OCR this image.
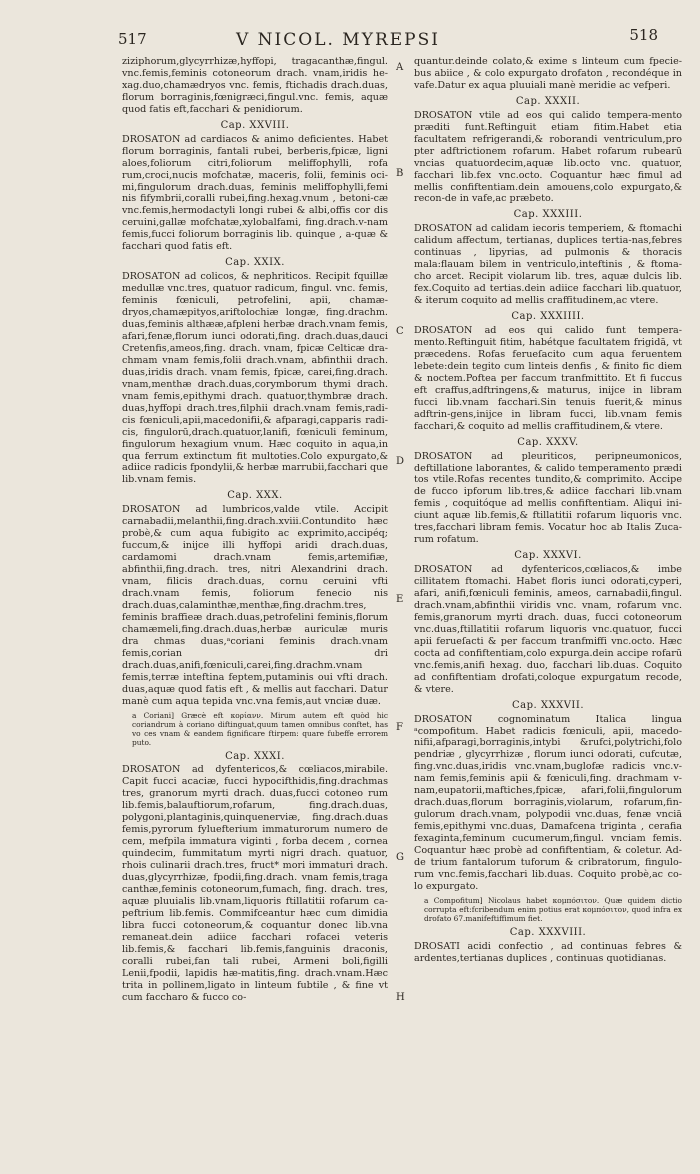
517	V NICOL. MYREPSI	518

ziziphorum,glycyrrhizæ,hyffopi, tragacanthæ,fingul. vnc.femis,feminis cotoneorum drach. vnam,iridis he-xag.duo,chamædryos vnc. femis, ftichadis drach.duas, florum borraginis,fœnigræci,fingul.vnc. femis, aquæ quod fatis eft,facchari & penidiorum.

Cap. XXVIII.

DROSATON ad cardiacos & animo deficientes. Habet florum borraginis, fantali rubei, berberis,fpicæ, ligni aloes,foliorum citri,foliorum meliffophylli, rofa rum,croci,nucis mofchatæ, maceris, folii, feminis oci-mi,fingulorum drach.duas, feminis meliffophylli,femi nis fifymbrii,coralli rubei,fing.hexag.vnum , betoni-cæ vnc.femis,hermodactyli longi rubei & albi,offis cor dis ceruini,gallæ mofchatæ,xylobalfami, fing.drach.v-nam femis,fucci foliorum borraginis lib. quinque , a-quæ & facchari quod fatis eft.

Cap. XXIX.

DROSATON ad colicos, & nephriticos. Recipit fquillæ medullæ vnc.tres, quatuor radicum, fingul. vnc. femis, feminis fœniculi, petrofelini, apii, chamæ-dryos,chamæpityos,ariftolochiæ longæ, fing.drachm. duas,feminis althææ,afpleni herbæ drach.vnam femis, afari,fenæ,florum iunci odorati,fing. drach.duas,dauci Cretenfis,ameos,fing. drach. vnam, fpicæ Celticæ dra-chmam vnam femis,folii drach.vnam, abfinthii drach. duas,iridis drach. vnam femis, fpicæ, carei,fing.drach. vnam,menthæ drach.duas,corymborum thymi drach. vnam femis,epithymi drach. quatuor,thymbræ drach. duas,hyffopi drach.tres,filphii drach.vnam femis,radi-cis fœniculi,apii,macedonifii,& afparagi,capparis radi-cis, fingulorū,drach.quatuor,lanifi, fœniculi feminum, fingulorum hexagium vnum. Hæc coquito in aqua,in qua ferrum extinctum fit multoties.Colo expurgato,& adiice radicis fpondylii,& herbæ marrubii,facchari que lib.vnam femis.

Cap. XXX.

DROSATON ad lumbricos,valde vtile. Accipit carnabadii,melanthii,fing.drach.xviii.Contundito hæc probè,& cum aqua fubigito ac exprimito,accipéq; fuccum,& inijce illi hyffopi aridi drach.duas, cardamomi drach.vnam femis,artemifiæ, abfinthii,fing.drach. tres, nitri Alexandrini drach. vnam, filicis drach.duas, cornu ceruini vfti drach.vnam femis, foliorum fenecio nis drach.duas,calaminthæ,menthæ,fing.drachm.tres, feminis braffieæ drach.duas,petrofelini feminis,florum chamæmeli,fing.drach.duas,herbæ auriculæ muris dra chmas duas,ᵃcoriani feminis drach.vnam femis,corian dri drach.duas,anifi,fœniculi,carei,fing.drachm.vnam femis,terræ inteftina feptem,putaminis oui vfti drach. duas,aquæ quod fatis eft , & mellis aut facchari. Datur manè cum aqua tepida vnc.vna femis,aut vnciæ duæ.

a Coriani] Græcè eft κορίανν. Mirum autem eft quòd hic coriandrum à coriano diftinguat,quum tamen omnibus conftet, has vo ces vnam & eandem fignificare ftirpem: quare fubeffe errorem puto.

Cap. XXXI.

DROSATON ad dyfentericos,& cœliacos,mirabile. Capit fucci acaciæ, fucci hypocifthidis,fing.drachmas tres, granorum myrti drach. duas,fucci cotoneo rum lib.femis,balauftiorum,rofarum, fing.drach.duas, polygoni,plantaginis,quinquenerviæ, fing.drach.duas femis,pyrorum fyluefterium immaturorum numero de cem, mefpila immatura viginti , forba decem , cornea quindecim, fummitatum myrti nigri drach. quatuor, rhois culinarii drach.tres, fruct* mori immaturi drach. duas,glycyrrhizæ, fpodii,fing.drach. vnam femis,traga canthæ,feminis cotoneorum,fumach, fing. drach. tres, aquæ pluuialis lib.vnam,liquoris ftillatitii rofarum ca-peftrium lib.femis. Commifceantur hæc cum dimidia libra fucci cotoneorum,& coquantur donec lib.vna remaneat.dein adiice facchari rofacei veteris lib.femis,& facchari lib.femis,fanguinis draconis, coralli rubei,fan tali rubei, Armeni boli,figilli Lenii,fpodii, lapidis hæ-matitis,fing. drach.vnam.Hæc trita in pollinem,ligato in linteum fubtile , & fine vt cum faccharo & fucco co-

quantur.deinde colato,& exime s linteum cum fpecie-bus abiice , & colo expurgato drofaton , recondéque in vafe.Datur ex aqua pluuiali manè meridie ac vefperi.

Cap. XXXII.

DROSATON vtile ad eos qui calido tempera-mento præditi funt.Reftinguit etiam fitim.Habet etia facultatem refrigerandi,& roborandi ventriculum,pro pter adftrictionem rofarum. Habet rofarum rubearū vncias quatuordecim,aquæ lib.octo vnc. quatuor, facchari lib.fex vnc.octo. Coquantur hæc fimul ad mellis confiftentiam.dein amouens,colo expurgato,& recon-de in vafe,ac præbeto.

Cap. XXXIII.

DROSATON ad calidam iecoris temperiem, & ftomachi calidum affectum, tertianas, duplices tertia-nas,febres continuas , lipyrias, ad pulmonis & thoracis mala:flauam bilem in ventriculo,inteftinis , & ftoma-cho arcet. Recipit violarum lib. tres, aquæ dulcis lib. fex.Coquito ad tertias.dein adiice facchari lib.quatuor, & iterum coquito ad mellis craffitudinem,ac vtere.

Cap. XXXIIII.

DROSATON ad eos qui calido funt tempera-mento.Reftinguit fitim, habétque facultatem frigidā, vt præcedens. Rofas ferueſacito cum aqua feruentem lebete:dein tegito cum linteis denfis , & finito fic diem & noctem.Poftea per faccum tranfmittito. Et fi fuccus eft craffus,adftringens,& maturus, inijce in libram fucci lib.vnam facchari.Sin tenuis fuerit,& minus adftrin-gens,inijce in libram fucci, lib.vnam femis facchari,& coquito ad mellis craffitudinem,& vtere.

Cap. XXXV.

DROSATON ad pleuriticos, peripneumonicos, deftillatione laborantes, & calido temperamento prædi tos vtile.Rofas recentes tundito,& comprimito. Accipe de fucco ipforum lib.tres,& adiice facchari lib.vnam femis , coquitóque ad mellis confiftentiam. Aliqui ini-ciunt aquæ lib.femis,& ftillatitii rofarum liquoris vnc. tres,facchari libram femis. Vocatur hoc ab Italis Zuca-rum rofatum.

Cap. XXXVI.

DROSATON ad dyfentericos,cœliacos,& imbe cillitatem ftomachi. Habet floris iunci odorati,cyperi, afari, anifi,fœniculi feminis, ameos, carnabadii,fingul. drach.vnam,abfinthii viridis vnc. vnam, rofarum vnc. femis,granorum myrti drach. duas, fucci cotoneorum vnc.duas,ftillatitii rofarum liquoris vnc.quatuor, fucci apii ferueſacti & per faccum tranfmiffi vnc.octo. Hæc cocta ad confiftentiam,colo expurga.dein accipe rofarū vnc.femis,anifi hexag. duo, facchari lib.duas. Coquito ad confiftentiam drofati,coloque expurgatum recode, & vtere.

Cap. XXXVII.

DROSATON cognominatum Italica lingua ᵃcompofitum. Habet radicis fœniculi, apii, macedo-nifii,afparagi,borraginis,intybi &rufci,polytrichi,folo pendriæ , glycyrrhizæ , florum iunci odorati, cufcutæ, fing.vnc.duas,iridis vnc.vnam,buglofæ radicis vnc.v-nam femis,feminis apii & fœniculi,fing. drachmam v-nam,eupatorii,maftiches,fpicæ, afari,folii,fingulorum drach.duas,florum borraginis,violarum, rofarum,fin-gulorum drach.vnam, polypodii vnc.duas, fenæ vnciā femis,epithymi vnc.duas, Damafcena triginta , cerafia fexaginta,feminum cucumerum,fingul. vnciam femis. Coquantur hæc probè ad confiftentiam, & coletur. Ad-de trium fantalorum tuforum & cribratorum, fingulo-rum vnc.femis,facchari lib.duas. Coquito probè,ac co-lo expurgato.

a Compofitum] Nicolaus habet κομπόσιτον. Quæ quidem dictio corrupta eft:fcribendum enim potius erat κομπόσιτον, quod infra ex drofato 67.manifeftiffimum fiet.

Cap. XXXVIII.

DROSATI acidi confectio , ad continuas febres & ardentes,tertianas duplices , continuas quotidianas.

A
B
C
D
E
F
G
H
